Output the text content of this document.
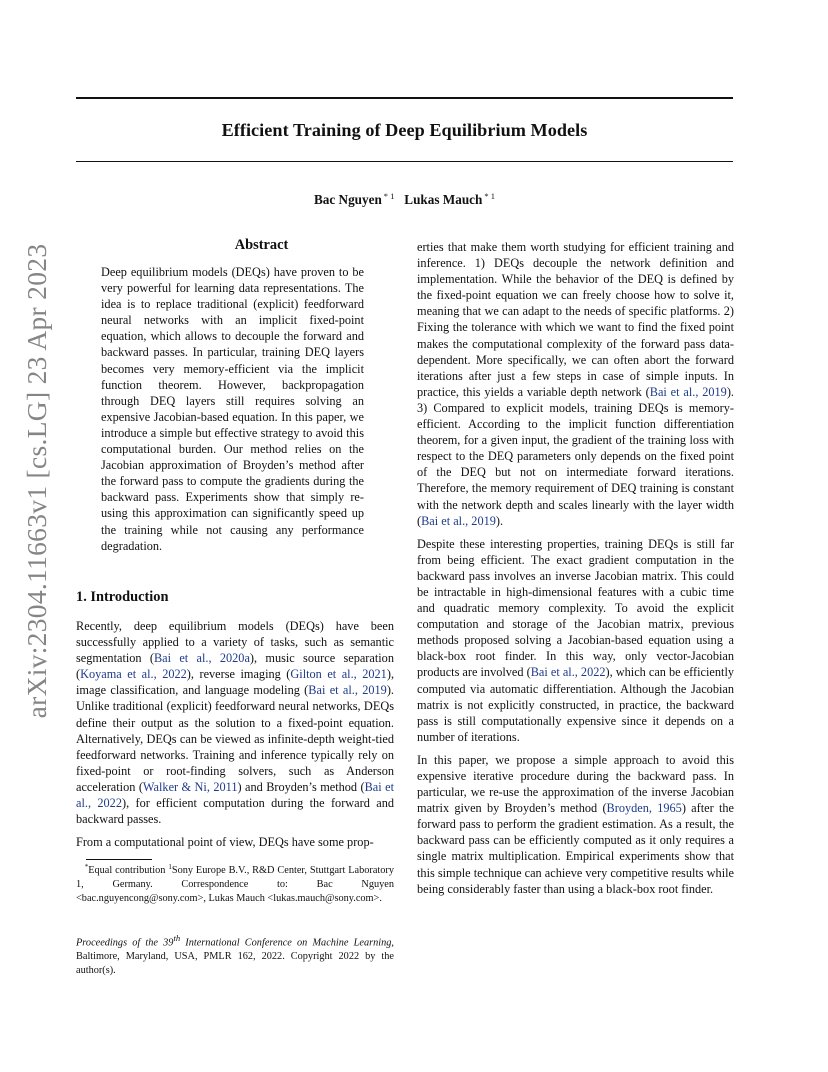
arXiv:2304.11663v1 [cs.LG] 23 Apr 2023
Efficient Training of Deep Equilibrium Models
Bac Nguyen $^{* 1}$ Lukas Mauch $^{* 1}$
Abstract

Deep equilibrium models (DEQs) have proven to be very powerful for learning data representations. The idea is to replace traditional (explicit) feedforward neural networks with an implicit fixed-point equation, which allows to decouple the forward and backward passes. In particular, training DEQ layers becomes very memory-efficient via the implicit function theorem. However, backpropagation through DEQ layers still requires solving an expensive Jacobian-based equation. In this paper, we introduce a simple but effective strategy to avoid this computational burden. Our method relies on the Jacobian approximation of Broyden’s method after the forward pass to compute the gradients during the backward pass. Experiments show that simply re-using this approximation can significantly speed up the training while not causing any performance degradation.

1. Introduction

Recently, deep equilibrium models (DEQs) have been successfully applied to a variety of tasks, such as semantic segmentation (Bai et al., 2020a), music source separation (Koyama et al., 2022), reverse imaging (Gilton et al., 2021), image classification, and language modeling (Bai et al., 2019). Unlike traditional (explicit) feedforward neural networks, DEQs define their output as the solution to a fixed-point equation. Alternatively, DEQs can be viewed as infinite-depth weight-tied feedforward networks. Training and inference typically rely on fixed-point or root-finding solvers, such as Anderson acceleration (Walker & Ni, 2011) and Broyden’s method (Bai et al., 2022), for efficient computation during the forward and backward passes.

From a computational point of view, DEQs have some prop-

*Equal contribution $^1$Sony Europe B.V., R&D Center, Stuttgart Laboratory 1, Germany. Correspondence to: Bac Nguyen <bac.nguyencong@sony.com>, Lukas Mauch <lukas.mauch@sony.com>.
Proceedings of the 39th International Conference on Machine Learning, Baltimore, Maryland, USA, PMLR 162, 2022. Copyright 2022 by the author(s).

erties that make them worth studying for efficient training and inference. 1) DEQs decouple the network definition and implementation. While the behavior of the DEQ is defined by the fixed-point equation we can freely choose how to solve it, meaning that we can adapt to the needs of specific platforms. 2) Fixing the tolerance with which we want to find the fixed point makes the computational complexity of the forward pass data-dependent. More specifically, we can often abort the forward iterations after just a few steps in case of simple inputs. In practice, this yields a variable depth network (Bai et al., 2019). 3) Compared to explicit models, training DEQs is memory-efficient. According to the implicit function differentiation theorem, for a given input, the gradient of the training loss with respect to the DEQ parameters only depends on the fixed point of the DEQ but not on intermediate forward iterations. Therefore, the memory requirement of DEQ training is constant with the network depth and scales linearly with the layer width (Bai et al., 2019).

Despite these interesting properties, training DEQs is still far from being efficient. The exact gradient computation in the backward pass involves an inverse Jacobian matrix. This could be intractable in high-dimensional features with a cubic time and quadratic memory complexity. To avoid the explicit computation and storage of the Jacobian matrix, previous methods proposed solving a Jacobian-based equation using a black-box root finder. In this way, only vector-Jacobian products are involved (Bai et al., 2022), which can be efficiently computed via automatic differentiation. Although the Jacobian matrix is not explicitly constructed, in practice, the backward pass is still computationally expensive since it depends on a number of iterations.

In this paper, we propose a simple approach to avoid this expensive iterative procedure during the backward pass. In particular, we re-use the approximation of the inverse Jacobian matrix given by Broyden’s method (Broyden, 1965) after the forward pass to perform the gradient estimation. As a result, the backward pass can be efficiently computed as it only requires a single matrix multiplication. Empirical experiments show that this simple technique can achieve very competitive results while being considerably faster than using a black-box root finder.
